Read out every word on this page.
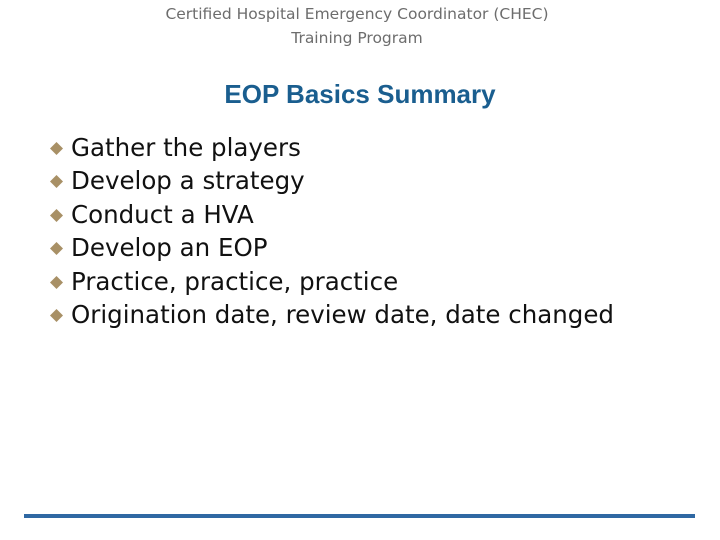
Certified Hospital Emergency Coordinator (CHEC)
Training Program
EOP Basics Summary
Gather the players
Develop a strategy
Conduct a HVA
Develop an EOP
Practice, practice, practice
Origination date, review date, date changed
